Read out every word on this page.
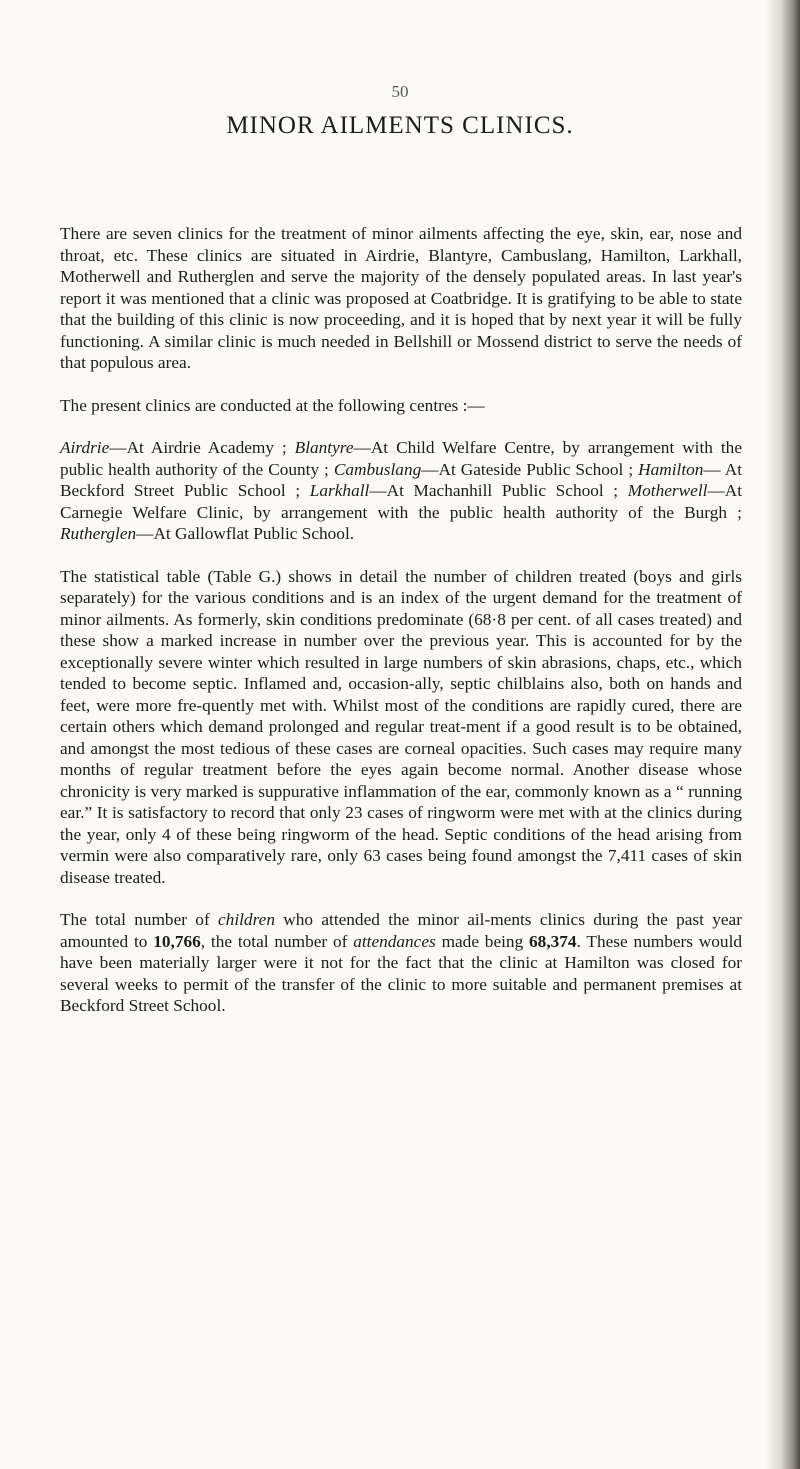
50
MINOR AILMENTS CLINICS.

There are seven clinics for the treatment of minor ailments affecting the eye, skin, ear, nose and throat, etc. These clinics are situated in Airdrie, Blantyre, Cambuslang, Hamilton, Larkhall, Motherwell and Rutherglen and serve the majority of the densely populated areas. In last year's report it was mentioned that a clinic was proposed at Coatbridge. It is gratifying to be able to state that the building of this clinic is now proceeding, and it is hoped that by next year it will be fully functioning. A similar clinic is much needed in Bellshill or Mossend district to serve the needs of that populous area.

The present clinics are conducted at the following centres :—

Airdrie—At Airdrie Academy ; Blantyre—At Child Welfare Centre, by arrangement with the public health authority of the County ; Cambuslang—At Gateside Public School ; Hamilton— At Beckford Street Public School ; Larkhall—At Machanhill Public School ; Motherwell—At Carnegie Welfare Clinic, by arrangement with the public health authority of the Burgh ; Rutherglen—At Gallowflat Public School.

The statistical table (Table G.) shows in detail the number of children treated (boys and girls separately) for the various conditions and is an index of the urgent demand for the treatment of minor ailments. As formerly, skin conditions predominate (68·8 per cent. of all cases treated) and these show a marked increase in number over the previous year. This is accounted for by the exceptionally severe winter which resulted in large numbers of skin abrasions, chaps, etc., which tended to become septic. Inflamed and, occasion-ally, septic chilblains also, both on hands and feet, were more fre-quently met with. Whilst most of the conditions are rapidly cured, there are certain others which demand prolonged and regular treat-ment if a good result is to be obtained, and amongst the most tedious of these cases are corneal opacities. Such cases may require many months of regular treatment before the eyes again become normal. Another disease whose chronicity is very marked is suppurative inflammation of the ear, commonly known as a “ running ear.” It is satisfactory to record that only 23 cases of ringworm were met with at the clinics during the year, only 4 of these being ringworm of the head. Septic conditions of the head arising from vermin were also comparatively rare, only 63 cases being found amongst the 7,411 cases of skin disease treated.

The total number of children who attended the minor ail-ments clinics during the past year amounted to 10,766, the total number of attendances made being 68,374. These numbers would have been materially larger were it not for the fact that the clinic at Hamilton was closed for several weeks to permit of the transfer of the clinic to more suitable and permanent premises at Beckford Street School.
